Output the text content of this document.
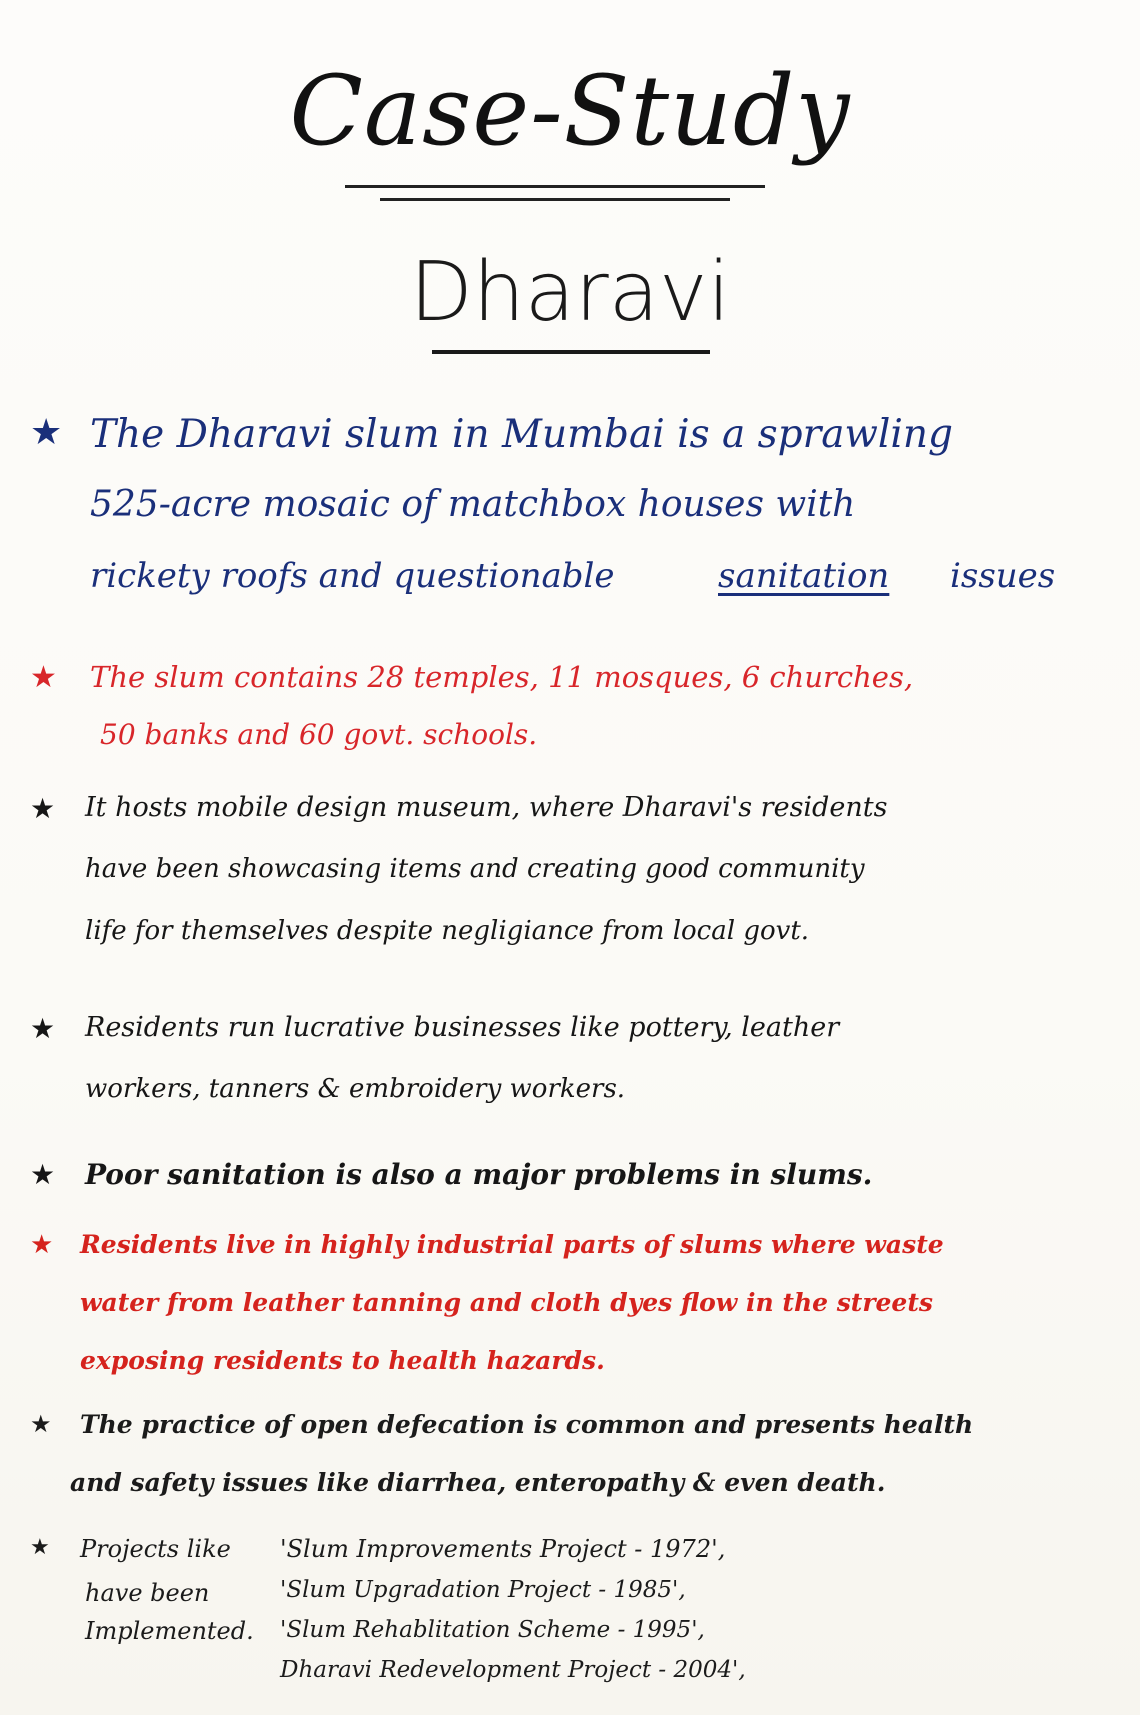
Case-Study
Dharavi
★ The Dharavi slum in Mumbai is a sprawling
525-acre mosaic of matchbox houses with
rickety roofs and questionable	sanitation issues
★ The slum contains 28 temples, 11 mosques, 6 churches,
50 banks and 60 govt. schools.
★ It hosts mobile design museum, where Dharavi's residents
have been showcasing items and creating good community
life for themselves despite negligiance from local govt.
★ Residents run lucrative businesses like pottery, leather
workers, tanners & embroidery workers.
★ Poor sanitation is also a major problems in slums.
★ Residents live in highly industrial parts of slums where waste
water from leather tanning and cloth dyes flow in the streets
exposing residents to health hazards.
★ The practice of open defecation is common and presents health
and safety issues like diarrhea, enteropathy & even death.
★ Projects like
have been
Implemented.
'Slum Improvements Project - 1972',
'Slum Upgradation Project - 1985',
'Slum Rehablitation Scheme - 1995',
Dharavi Redevelopment Project - 2004',
